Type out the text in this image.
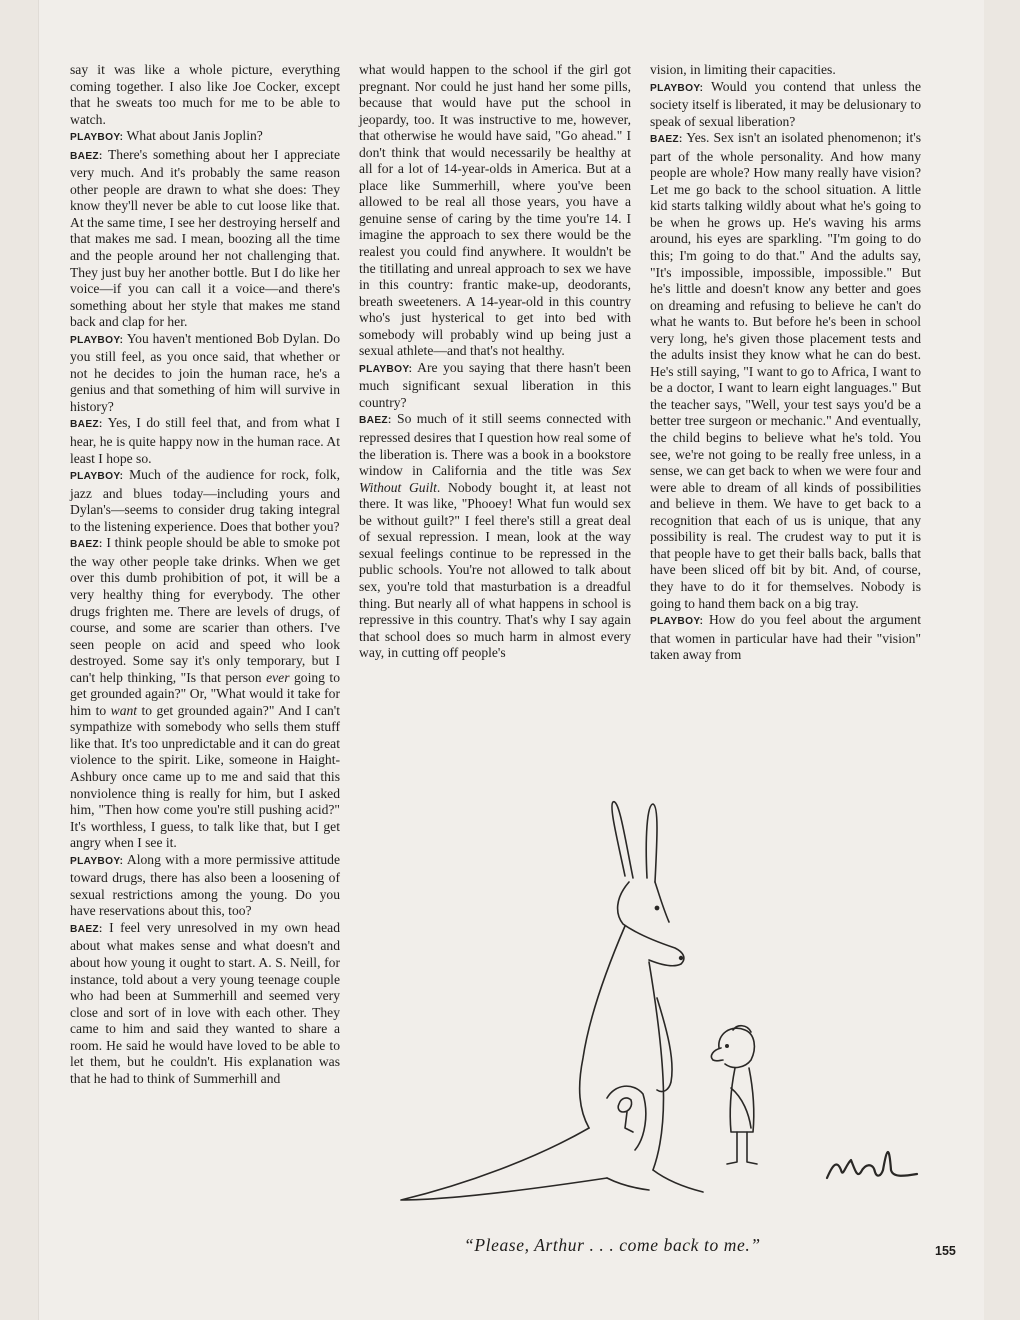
say it was like a whole picture, everything coming together. I also like Joe Cocker, except that he sweats too much for me to be able to watch.

PLAYBOY: What about Janis Joplin?

BAEZ: There's something about her I appreciate very much. And it's probably the same reason other people are drawn to what she does: They know they'll never be able to cut loose like that. At the same time, I see her destroying herself and that makes me sad. I mean, boozing all the time and the people around her not challenging that. They just buy her another bottle. But I do like her voice—if you can call it a voice—and there's something about her style that makes me stand back and clap for her.

PLAYBOY: You haven't mentioned Bob Dylan. Do you still feel, as you once said, that whether or not he decides to join the human race, he's a genius and that something of him will survive in history?

BAEZ: Yes, I do still feel that, and from what I hear, he is quite happy now in the human race. At least I hope so.

PLAYBOY: Much of the audience for rock, folk, jazz and blues today—including yours and Dylan's—seems to consider drug taking integral to the listening experience. Does that bother you?

BAEZ: I think people should be able to smoke pot the way other people take drinks. When we get over this dumb prohibition of pot, it will be a very healthy thing for everybody. The other drugs frighten me. There are levels of drugs, of course, and some are scarier than others. I've seen people on acid and speed who look destroyed. Some say it's only temporary, but I can't help thinking, "Is that person ever going to get grounded again?" Or, "What would it take for him to want to get grounded again?" And I can't sympathize with somebody who sells them stuff like that. It's too unpredictable and it can do great violence to the spirit. Like, someone in Haight-Ashbury once came up to me and said that this nonviolence thing is really for him, but I asked him, "Then how come you're still pushing acid?" It's worthless, I guess, to talk like that, but I get angry when I see it.

PLAYBOY: Along with a more permissive attitude toward drugs, there has also been a loosening of sexual restrictions among the young. Do you have reservations about this, too?

BAEZ: I feel very unresolved in my own head about what makes sense and what doesn't and about how young it ought to start. A. S. Neill, for instance, told about a very young teenage couple who had been at Summerhill and seemed very close and sort of in love with each other. They came to him and said they wanted to share a room. He said he would have loved to be able to let them, but he couldn't. His explanation was that he had to think of Summerhill and

what would happen to the school if the girl got pregnant. Nor could he just hand her some pills, because that would have put the school in jeopardy, too. It was instructive to me, however, that otherwise he would have said, "Go ahead." I don't think that would necessarily be healthy at all for a lot of 14-year-olds in America. But at a place like Summerhill, where you've been allowed to be real all those years, you have a genuine sense of caring by the time you're 14. I imagine the approach to sex there would be the realest you could find anywhere. It wouldn't be the titillating and unreal approach to sex we have in this country: frantic make-up, deodorants, breath sweeteners. A 14-year-old in this country who's just hysterical to get into bed with somebody will probably wind up being just a sexual athlete—and that's not healthy.

PLAYBOY: Are you saying that there hasn't been much significant sexual liberation in this country?

BAEZ: So much of it still seems connected with repressed desires that I question how real some of the liberation is. There was a book in a bookstore window in California and the title was Sex Without Guilt. Nobody bought it, at least not there. It was like, "Phooey! What fun would sex be without guilt?" I feel there's still a great deal of sexual repression. I mean, look at the way sexual feelings continue to be repressed in the public schools. You're not allowed to talk about sex, you're told that masturbation is a dreadful thing. But nearly all of what happens in school is repressive in this country. That's why I say again that school does so much harm in almost every way, in cutting off people's

vision, in limiting their capacities.

PLAYBOY: Would you contend that unless the society itself is liberated, it may be delusionary to speak of sexual liberation?

BAEZ: Yes. Sex isn't an isolated phenomenon; it's part of the whole personality. And how many people are whole? How many really have vision? Let me go back to the school situation. A little kid starts talking wildly about what he's going to be when he grows up. He's waving his arms around, his eyes are sparkling. "I'm going to do this; I'm going to do that." And the adults say, "It's impossible, impossible, impossible." But he's little and doesn't know any better and goes on dreaming and refusing to believe he can't do what he wants to. But before he's been in school very long, he's given those placement tests and the adults insist they know what he can do best. He's still saying, "I want to go to Africa, I want to be a doctor, I want to learn eight languages." But the teacher says, "Well, your test says you'd be a better tree surgeon or mechanic." And eventually, the child begins to believe what he's told. You see, we're not going to be really free unless, in a sense, we can get back to when we were four and were able to dream of all kinds of possibilities and believe in them. We have to get back to a recognition that each of us is unique, that any possibility is real. The crudest way to put it is that people have to get their balls back, balls that have been sliced off bit by bit. And, of course, they have to do it for themselves. Nobody is going to hand them back on a big tray.

PLAYBOY: How do you feel about the argument that women in particular have had their "vision" taken away from

“Please, Arthur . . . come back to me.”	155
